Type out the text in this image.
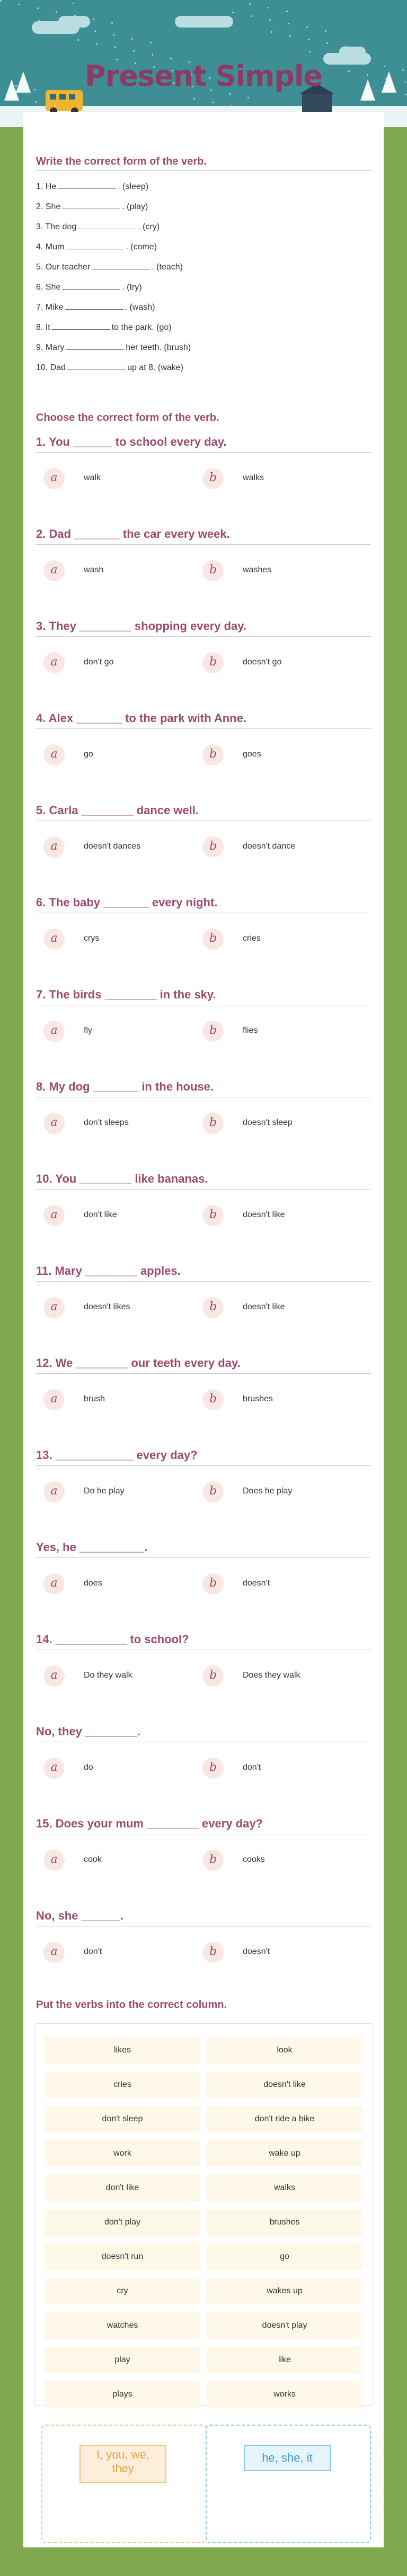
Present Simple
Write the correct form of the verb.
1. He	. (sleep)
2. She	. (play)
3. The dog	. (cry)
4. Mum	. (come)
5. Our teacher	. (teach)
6. She	. (try)
7. Mike	. (wash)
8. It	to the park. (go)
9. Mary	her teeth. (brush)
10. Dad	up at 8. (wake)
Choose the correct form of the verb.
1. You ______ to school every day.
a	walk	b	walks
2. Dad _______ the car every week.
a	wash	b	washes
3. They ________ shopping every day.
a	don't go	b	doesn't go
4. Alex _______ to the park with Anne.
a	go	b	goes
5. Carla ________ dance well.
a	doesn't dances	b	doesn't dance
6. The baby _______ every night.
a	crys	b	cries
7. The birds ________ in the sky.
a	fly	b	flies
8. My dog _______ in the house.
a	don't sleeps	b	doesn't sleep
10. You ________ like bananas.
a	don't like	b	doesn't like
11. Mary ________ apples.
a	doesn't likes	b	doesn't like
12. We ________ our teeth every day.
a	brush	b	brushes
13. ____________ every day?
a	Do he play	b	Does he play
Yes, he __________.
a	does	b	doesn't
14. ___________ to school?
a	Do they walk	b	Does they walk
No, they ________.
a	do	b	don't
15. Does your mum ________ every day?
a	cook	b	cooks
No, she ______.
a	don't	b	doesn't
Put the verbs into the correct column.
likes	look
cries	doesn't like
don't sleep	don't ride a bike
work	wake up
don't like	walks
don't play	brushes
doesn't run	go
cry	wakes up
watches	doesn't play
play	like
plays	works
I, you, we,
they
he, she, it
